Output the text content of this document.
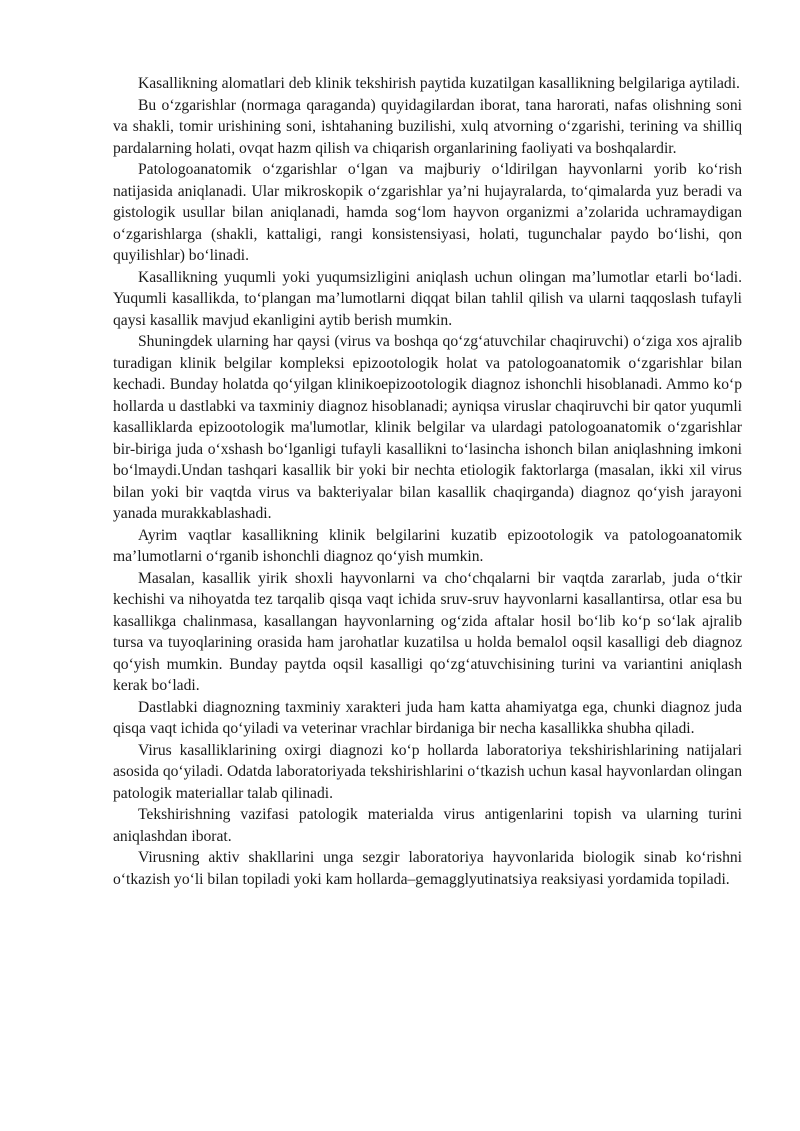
Kasallikning alomatlari deb klinik tekshirish paytida kuzatilgan kasallikning belgilariga aytiladi.

Bu o‘zgarishlar (normaga qaraganda) quyidagilardan iborat, tana harorati, nafas olishning soni va shakli, tomir urishining soni, ishtahaning buzilishi, xulq atvorning o‘zgarishi, terining va shilliq pardalarning holati, ovqat hazm qilish va chiqarish organlarining faoliyati va boshqalardir.

Patologoanatomik o‘zgarishlar o‘lgan va majburiy o‘ldirilgan hayvonlarni yorib ko‘rish natijasida aniqlanadi. Ular mikroskopik o‘zgarishlar ya’ni hujayralarda, to‘qimalarda yuz beradi va gistologik usullar bilan aniqlanadi, hamda sog‘lom hayvon organizmi a’zolarida uchramaydigan o‘zgarishlarga (shakli, kattaligi, rangi konsistensiyasi, holati, tugunchalar paydo bo‘lishi, qon quyilishlar) bo‘linadi.

Kasallikning yuqumli yoki yuqumsizligini aniqlash uchun olingan ma’lumotlar etarli bo‘ladi. Yuqumli kasallikda, to‘plangan ma’lumotlarni diqqat bilan tahlil qilish va ularni taqqoslash tufayli qaysi kasallik mavjud ekanligini aytib berish mumkin.

Shuningdek ularning har qaysi (virus va boshqa qo‘zg‘atuvchilar chaqiruvchi) o‘ziga xos ajralib turadigan klinik belgilar kompleksi epizootologik holat va patologoanatomik o‘zgarishlar bilan kechadi. Bunday holatda qo‘yilgan klinikoepizootologik diagnoz ishonchli hisoblanadi. Ammo ko‘p hollarda u dastlabki va taxminiy diagnoz hisoblanadi; ayniqsa viruslar chaqiruvchi bir qator yuqumli kasalliklarda epizootologik ma'lumotlar, klinik belgilar va ulardagi patologoanatomik o‘zgarishlar bir-biriga juda o‘xshash bo‘lganligi tufayli kasallikni to‘lasincha ishonch bilan aniqlashning imkoni bo‘lmaydi.Undan tashqari kasallik bir yoki bir nechta etiologik faktorlarga (masalan, ikki xil virus bilan yoki bir vaqtda virus va bakteriyalar bilan kasallik chaqirganda) diagnoz qo‘yish jarayoni yanada murakkablashadi.

Ayrim vaqtlar kasallikning klinik belgilarini kuzatib epizootologik va patologoanatomik ma’lumotlarni o‘rganib ishonchli diagnoz qo‘yish mumkin.

Masalan, kasallik yirik shoxli hayvonlarni va cho‘chqalarni bir vaqtda zararlab, juda o‘tkir kechishi va nihoyatda tez tarqalib qisqa vaqt ichida sruv-sruv hayvonlarni kasallantirsa, otlar esa bu kasallikga chalinmasa, kasallangan hayvonlarning og‘zida aftalar hosil bo‘lib ko‘p so‘lak ajralib tursa va tuyoqlarining orasida ham jarohatlar kuzatilsa u holda bemalol oqsil kasalligi deb diagnoz qo‘yish mumkin. Bunday paytda oqsil kasalligi qo‘zg‘atuvchisining turini va variantini aniqlash kerak bo‘ladi.

Dastlabki diagnozning taxminiy xarakteri juda ham katta ahamiyatga ega, chunki diagnoz juda qisqa vaqt ichida qo‘yiladi va veterinar vrachlar birdaniga bir necha kasallikka shubha qiladi.

Virus kasalliklarining oxirgi diagnozi ko‘p hollarda laboratoriya tekshirishlarining natijalari asosida qo‘yiladi. Odatda laboratoriyada tekshirishlarini o‘tkazish uchun kasal hayvonlardan olingan patologik materiallar talab qilinadi.

Tekshirishning vazifasi patologik materialda virus antigenlarini topish va ularning turini aniqlashdan iborat.

Virusning aktiv shakllarini unga sezgir laboratoriya hayvonlarida biologik sinab ko‘rishni o‘tkazish yo‘li bilan topiladi yoki kam hollarda–gemagglyutinatsiya reaksiyasi yordamida topiladi.
